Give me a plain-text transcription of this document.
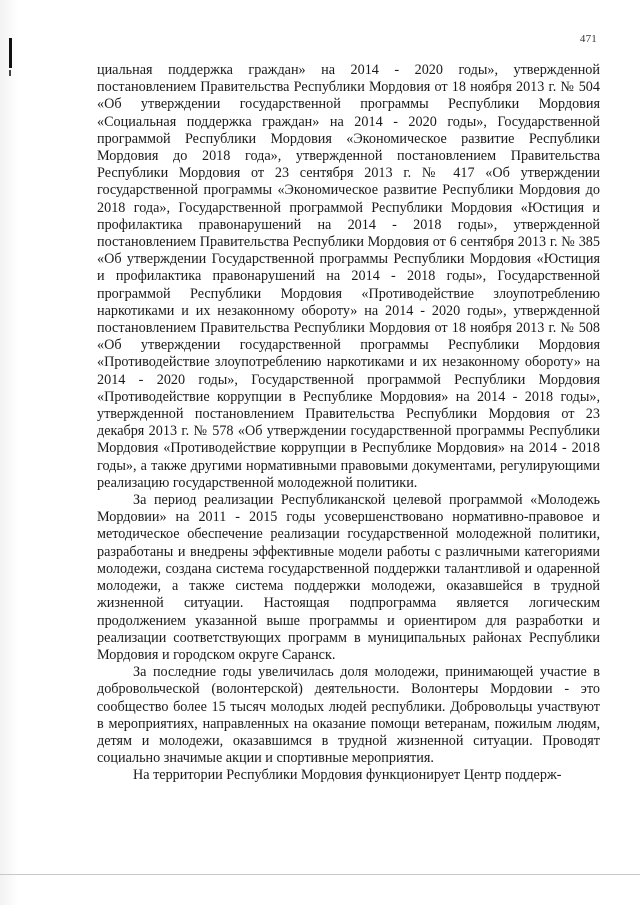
471

циальная поддержка граждан» на 2014 - 2020 годы», утвержденной постановлением Правительства Республики Мордовия от 18 ноября 2013 г. № 504 «Об утверждении государственной программы Республики Мордовия «Социальная поддержка граждан» на 2014 - 2020 годы», Государственной программой Республики Мордовия «Экономическое развитие Республики Мордовия до 2018 года», утвержденной постановлением Правительства Республики Мордовия от 23 сентября 2013 г. № 417 «Об утверждении государственной программы «Экономическое развитие Республики Мордовия до 2018 года», Государственной программой Республики Мордовия «Юстиция и профилактика правонарушений на 2014 - 2018 годы», утвержденной постановлением Правительства Республики Мордовия от 6 сентября 2013 г. № 385 «Об утверждении Государственной программы Республики Мордовия «Юстиция и профилактика правонарушений на 2014 - 2018 годы», Государственной программой Республики Мордовия «Противодействие злоупотреблению наркотиками и их незаконному обороту» на 2014 - 2020 годы», утвержденной постановлением Правительства Республики Мордовия от 18 ноября 2013 г. № 508 «Об утверждении государственной программы Республики Мордовия «Противодействие злоупотреблению наркотиками и их незаконному обороту» на 2014 - 2020 годы», Государственной программой Республики Мордовия «Противодействие коррупции в Республике Мордовия» на 2014 - 2018 годы», утвержденной постановлением Правительства Республики Мордовия от 23 декабря 2013 г. № 578 «Об утверждении государственной программы Республики Мордовия «Противодействие коррупции в Республике Мордовия» на 2014 - 2018 годы», а также другими нормативными правовыми документами, регулирующими реализацию государственной молодежной политики.

За период реализации Республиканской целевой программой «Молодежь Мордовии» на 2011 - 2015 годы усовершенствовано нормативно-правовое и методическое обеспечение реализации государственной молодежной политики, разработаны и внедрены эффективные модели работы с различными категориями молодежи, создана система государственной поддержки талантливой и одаренной молодежи, а также система поддержки молодежи, оказавшейся в трудной жизненной ситуации. Настоящая подпрограмма является логическим продолжением указанной выше программы и ориентиром для разработки и реализации соответствующих программ в муниципальных районах Республики Мордовия и городском округе Саранск.

За последние годы увеличилась доля молодежи, принимающей участие в добровольческой (волонтерской) деятельности. Волонтеры Мордовии - это сообщество более 15 тысяч молодых людей республики. Добровольцы участвуют в мероприятиях, направленных на оказание помощи ветеранам, пожилым людям, детям и молодежи, оказавшимся в трудной жизненной ситуации. Проводят социально значимые акции и спортивные мероприятия.

На территории Республики Мордовия функционирует Центр поддерж-
